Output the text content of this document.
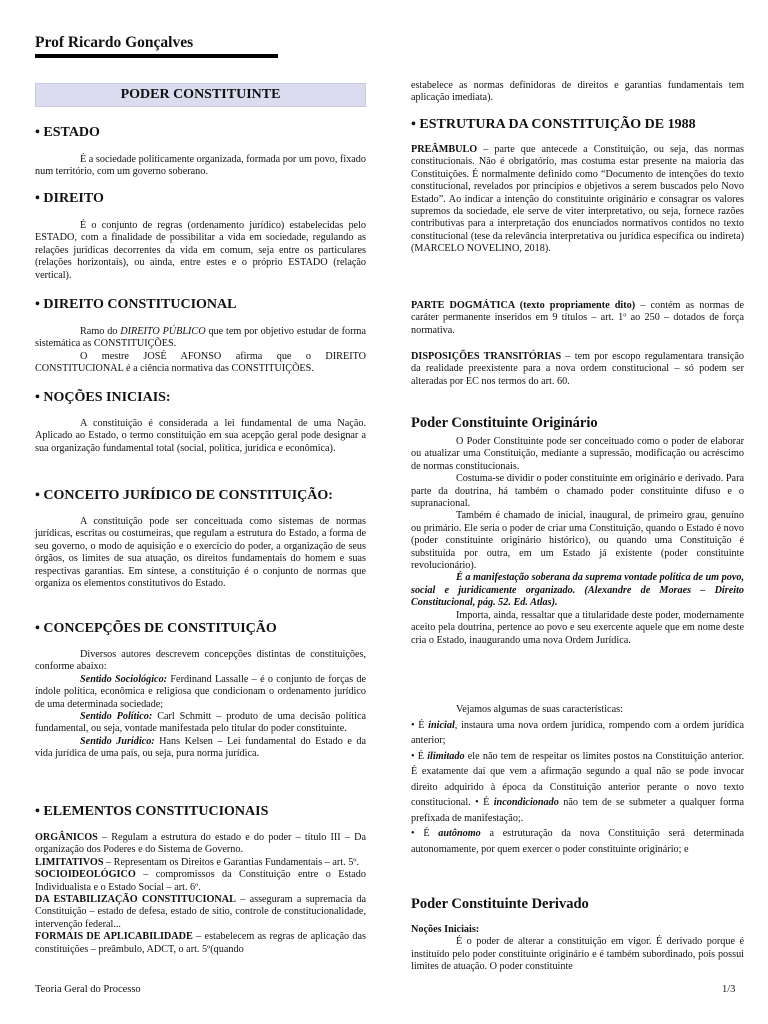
Prof Ricardo Gonçalves
PODER CONSTITUINTE
• ESTADO

É a sociedade politicamente organizada, formada por um povo, fixado num território, com um governo soberano.

• DIREITO

É o conjunto de regras (ordenamento jurídico) estabelecidas pelo ESTADO, com a finalidade de possibilitar a vida em sociedade, regulando as relações jurídicas decorrentes da vida em comum, seja entre os particulares (relações horizontais), ou ainda, entre estes e o próprio ESTADO (relação vertical).

• DIREITO CONSTITUCIONAL

Ramo do DIREITO PÚBLICO que tem por objetivo estudar de forma sistemática as CONSTITUIÇÕES.

O mestre JOSÉ AFONSO afirma que o DIREITO CONSTITUCIONAL é a ciência normativa das CONSTITUIÇÕES.

• NOÇÕES INICIAIS:

A constituição é considerada a lei fundamental de uma Nação. Aplicado ao Estado, o termo constituição em sua acepção geral pode designar a sua organização fundamental total (social, política, jurídica e econômica).

• CONCEITO JURÍDICO DE CONSTITUIÇÃO:

A constituição pode ser conceituada como sistemas de normas jurídicas, escritas ou costumeiras, que regulam a estrutura do Estado, a forma de seu governo, o modo de aquisição e o exercício do poder, a organização de seus órgãos, os limites de sua atuação, os direitos fundamentais do homem e suas respectivas garantias. Em síntese, a constituição é o conjunto de normas que organiza os elementos constitutivos do Estado.

• CONCEPÇÕES DE CONSTITUIÇÃO

Diversos autores descrevem concepções distintas de constituições, conforme abaixo:

Sentido Sociológico: Ferdinand Lassalle – é o conjunto de forças de índole política, econômica e religiosa que condicionam o ordenamento jurídico de uma determinada sociedade;

Sentido Político: Carl Schmitt – produto de uma decisão política fundamental, ou seja, vontade manifestada pelo titular do poder constituinte.

Sentido Jurídico: Hans Kelsen – Lei fundamental do Estado e da vida jurídica de uma país, ou seja, pura norma jurídica.

• ELEMENTOS CONSTITUCIONAIS

ORGÂNICOS – Regulam a estrutura do estado e do poder – título III – Da organização dos Poderes e do Sistema de Governo.

LIMITATIVOS – Representam os Direitos e Garantias Fundamentais – art. 5º.

SOCIOIDEOLÓGICO – compromissos da Constituição entre o Estado Individualista e o Estado Social – art. 6º.

DA ESTABILIZAÇÃO CONSTITUCIONAL – asseguram a supremacia da Constituição – estado de defesa, estado de sitio, controle de constitucionalidade, intervenção federal...

FORMAIS DE APLICABILIDADE – estabelecem as regras de aplicação das constituições – preâmbulo, ADCT, o art. 5º(quando

estabelece as normas definidoras de direitos e garantias fundamentais tem aplicação imediata).

• ESTRUTURA DA CONSTITUIÇÃO DE 1988

PREÂMBULO – parte que antecede a Constituição, ou seja, das normas constitucionais. Não é obrigatório, mas costuma estar presente na maioria das Constituições. É normalmente definido como “Documento de intenções do texto constitucional, revelados por princípios e objetivos a serem buscados pelo Novo Estado”. Ao indicar a intenção do constituinte originário e consagrar os valores supremos da sociedade, ele serve de viter interpretativo, ou seja, fornece razões contributivas para a interpretação dos enunciados normativos contidos no texto constitucional (tese da relevância interpretativa ou jurídica específica ou indireta) (MARCELO NOVELINO, 2018).

PARTE DOGMÁTICA (texto propriamente dito) – contém as normas de caráter permanente inseridos em 9 títulos – art. 1º ao 250 – dotados de força normativa.

DISPOSIÇÕES TRANSITÓRIAS – tem por escopo regulamentara transição da realidade preexistente para a nova ordem constitucional – só podem ser alteradas por EC nos termos do art. 60.

Poder Constituinte Originário

O Poder Constituinte pode ser conceituado como o poder de elaborar ou atualizar uma Constituição, mediante a supressão, modificação ou acréscimo de normas constitucionais.

Costuma-se dividir o poder constituinte em originário e derivado. Para parte da doutrina, há também o chamado poder constituinte difuso e o supranacional.

Também é chamado de inicial, inaugural, de primeiro grau, genuíno ou primário. Ele seria o poder de criar uma Constituição, quando o Estado é novo (poder constituinte originário histórico), ou quando uma Constituição é substituída por outra, em um Estado já existente (poder constituinte revolucionário).

É a manifestação soberana da suprema vontade política de um povo, social e juridicamente organizado. (Alexandre de Moraes – Direito Constitucional, pág. 52. Ed. Atlas).

Importa, ainda, ressaltar que a titularidade deste poder, modernamente aceito pela doutrina, pertence ao povo e seu exercente aquele que em nome deste cria o Estado, inaugurando uma nova Ordem Jurídica.

Vejamos algumas de suas características:

• É inicial, instaura uma nova ordem jurídica, rompendo com a ordem jurídica anterior;

• É ilimitado ele não tem de respeitar os limites postos na Constituição anterior. É exatamente daí que vem a afirmação segundo a qual não se pode invocar direito adquirido à época da Constituição anterior perante o novo texto constitucional. • É incondicionado não tem de se submeter a qualquer forma prefixada de manifestação;.

• É autônomo a estruturação da nova Constituição será determinada autonomamente, por quem exercer o poder constituinte originário; e

Poder Constituinte Derivado

Noções Iniciais:

É o poder de alterar a constituição em vigor. É derivado porque é instituído pelo poder constituinte originário e é também subordinado, pois possui limites de atuação. O poder constituinte

Teoria Geral do Processo	1/3
